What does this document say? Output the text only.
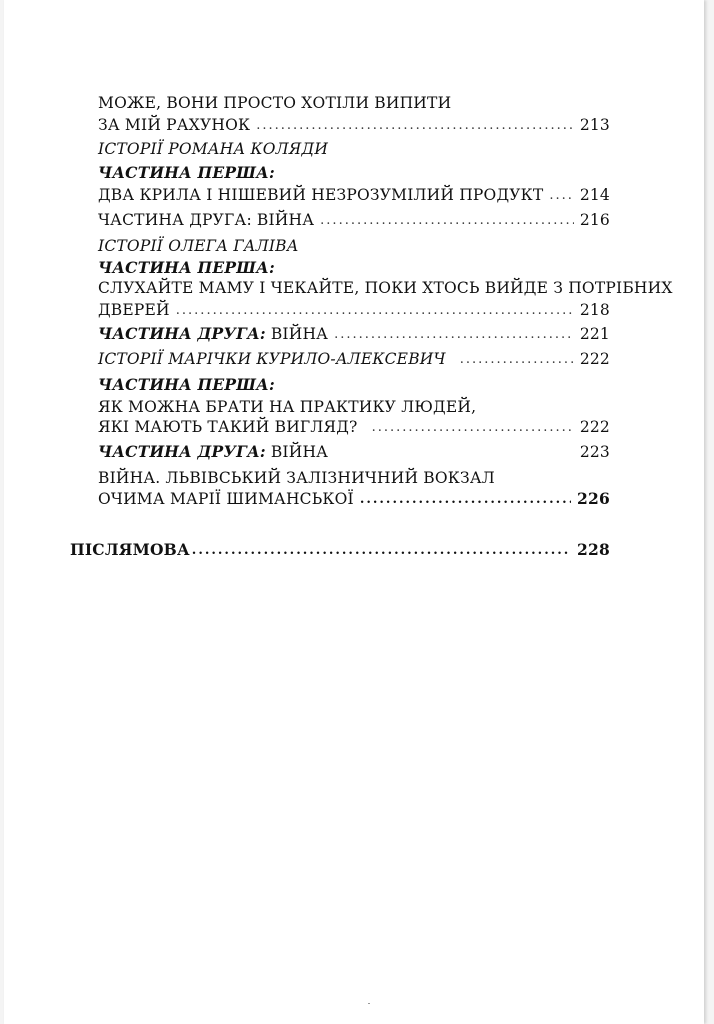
МОЖЕ, ВОНИ ПРОСТО ХОТІЛИ ВИПИТИ
ЗА МІЙ РАХУНОК .....	213
ІСТОРІЇ РОМАНА КОЛЯДИ
ЧАСТИНА ПЕРША:
ДВА КРИЛА І НІШЕВИЙ НЕЗРОЗУМІЛИЙ ПРОДУКТ ..... 214
ЧАСТИНА ДРУГА: ВІЙНА .....	216
ІСТОРІЇ ОЛЕГА ГАЛІВА
ЧАСТИНА ПЕРША:
СЛУХАЙТЕ МАМУ І ЧЕКАЙТЕ, ПОКИ ХТОСЬ ВИЙДЕ З ПОТРІБНИХ
ДВЕРЕЙ .....	218
ЧАСТИНА ДРУГА: ВІЙНА .....	221
ІСТОРІЇ МАРІЧКИ КУРИЛО-АЛЕКСЕВИЧ .....	222
ЧАСТИНА ПЕРША:
ЯК МОЖНА БРАТИ НА ПРАКТИКУ ЛЮДЕЙ,
ЯКІ МАЮТЬ ТАКИЙ ВИГЛЯД? .....	222
ЧАСТИНА ДРУГА: ВІЙНА	223
ВІЙНА. ЛЬВІВСЬКИЙ ЗАЛІЗНИЧНИЙ ВОКЗАЛ
ОЧИМА МАРІЇ ШИМАНСЬКОЇ .....	226
ПІСЛЯМОВА .....	228
